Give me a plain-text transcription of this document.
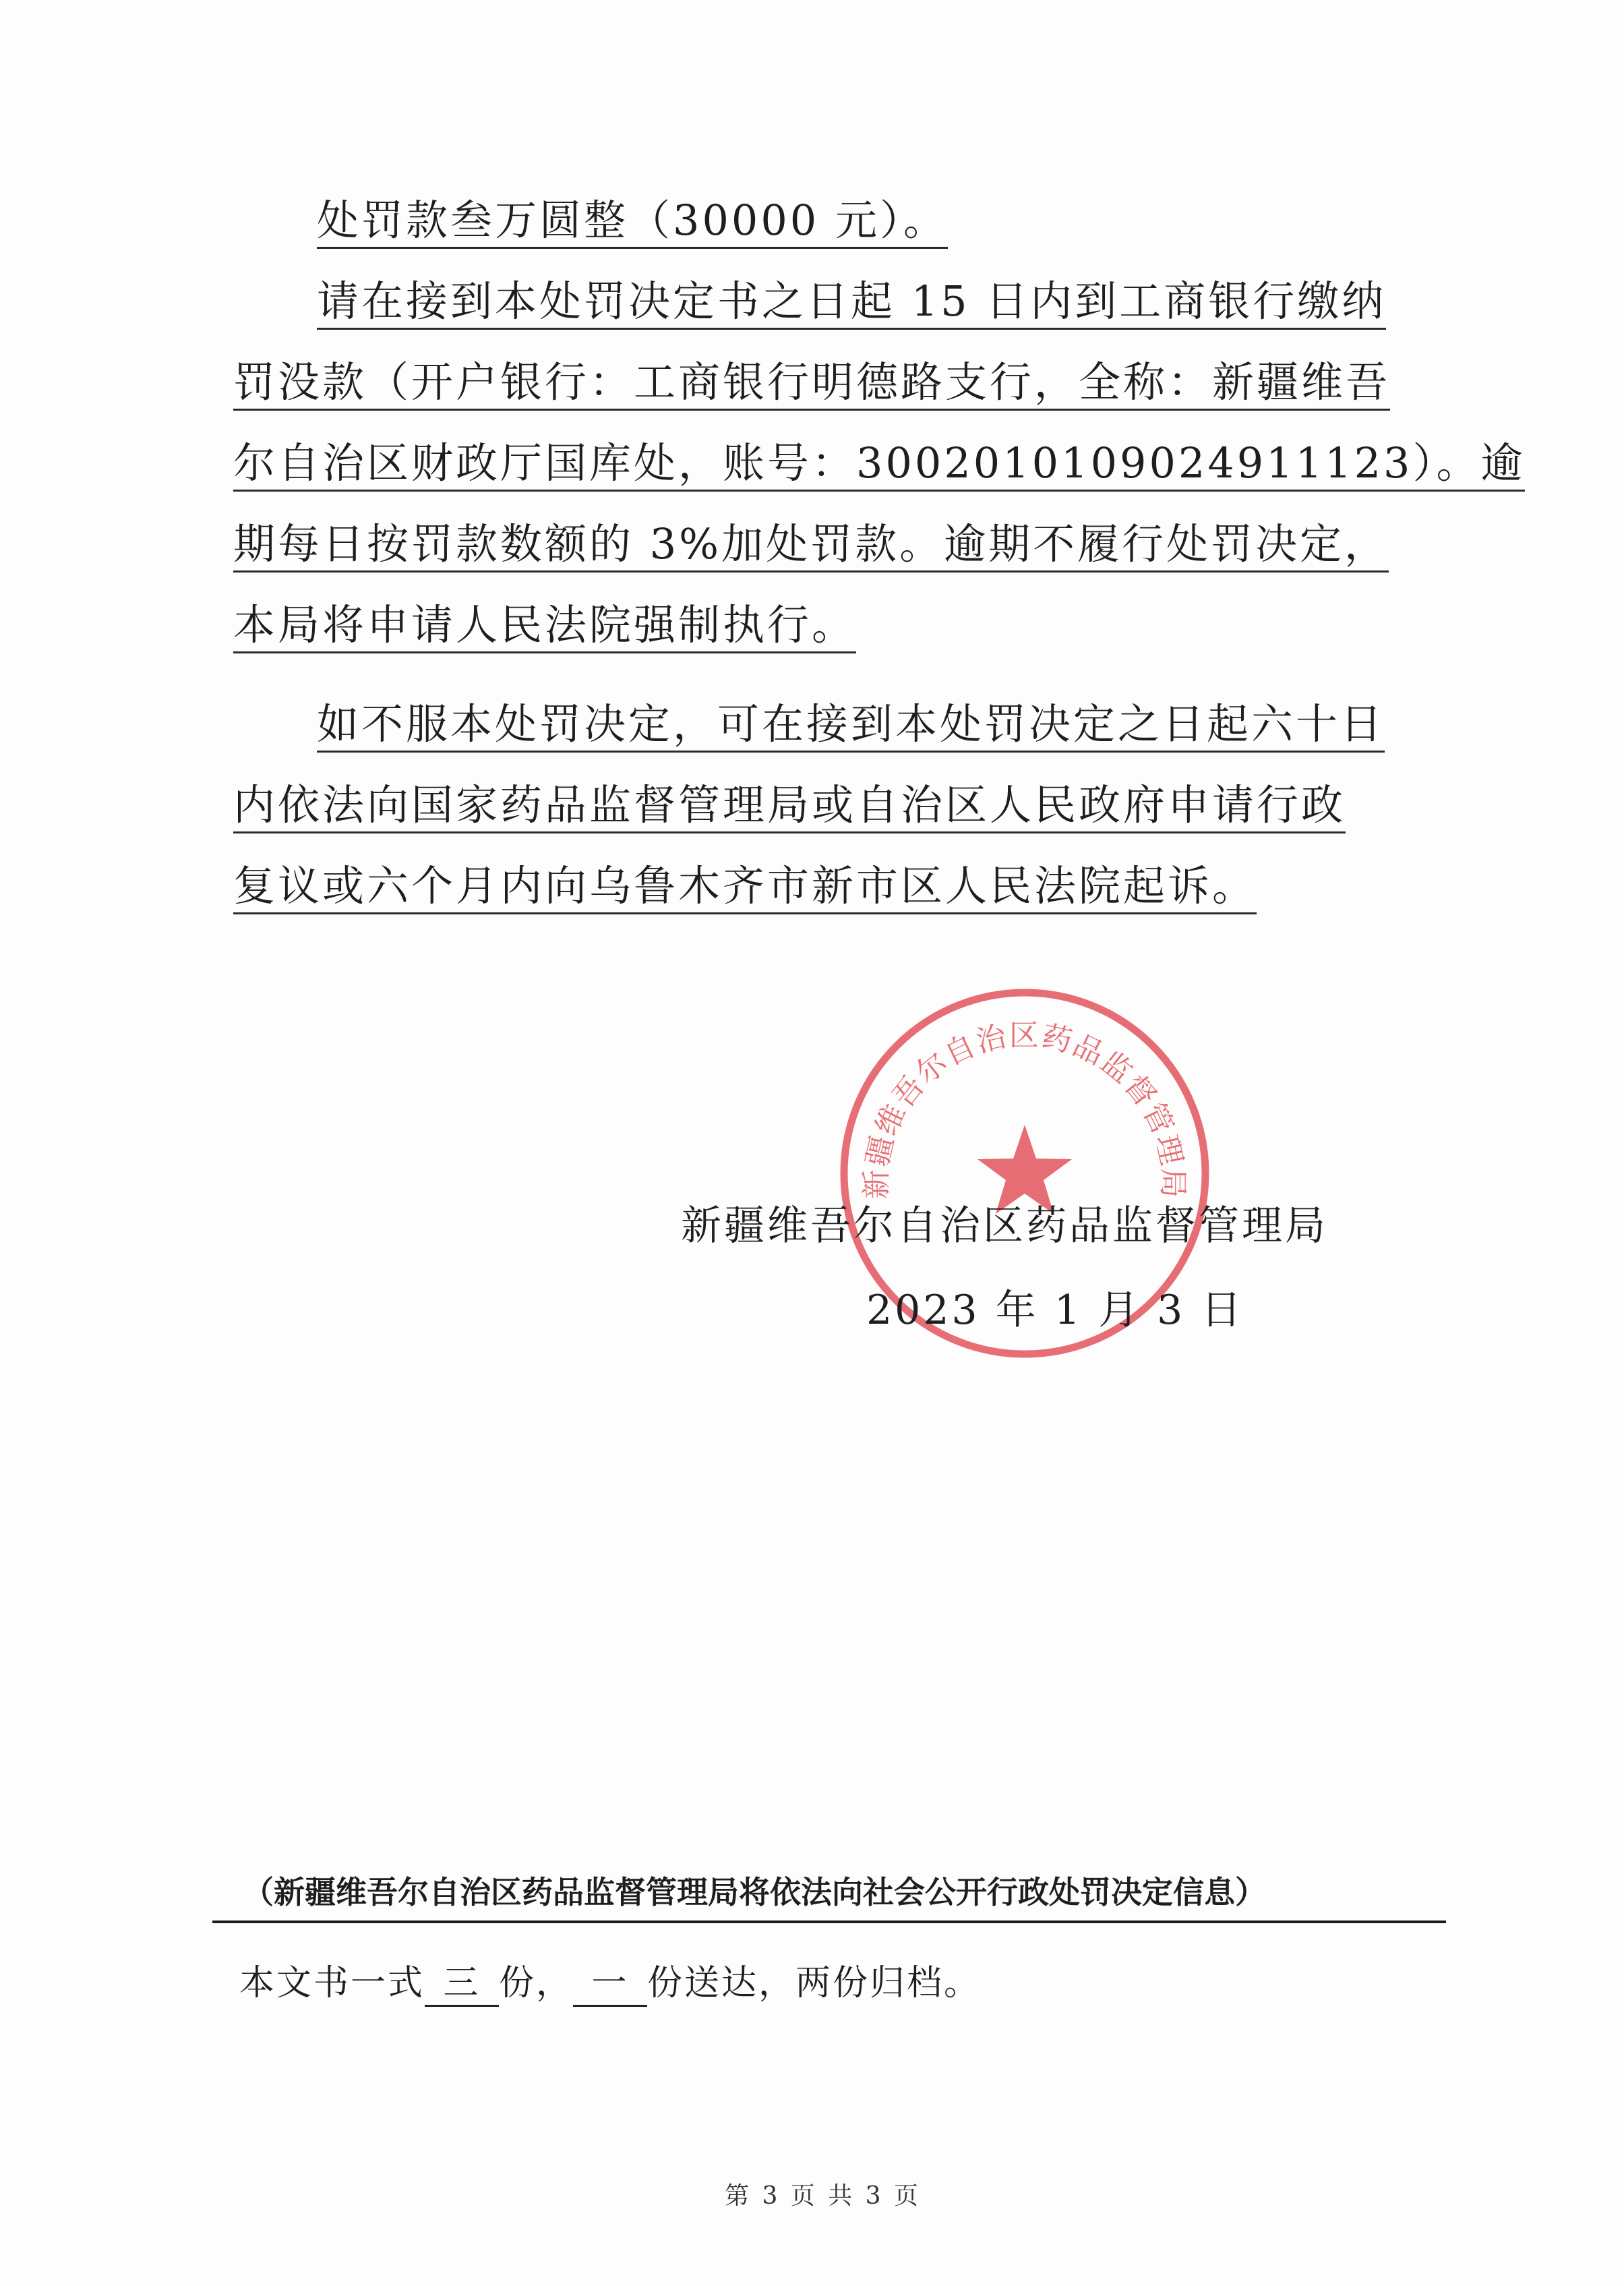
处罚款叁万圆整（30000 元）。
请在接到本处罚决定书之日起 15 日内到工商银行缴纳
罚没款（开户银行：工商银行明德路支行，全称：新疆维吾
尔自治区财政厅国库处，账号：3002010109024911123）。逾
期每日按罚款数额的 3%加处罚款。逾期不履行处罚决定，
本局将申请人民法院强制执行。
如不服本处罚决定，可在接到本处罚决定之日起六十日
内依法向国家药品监督管理局或自治区人民政府申请行政
复议或六个月内向乌鲁木齐市新市区人民法院起诉。
新疆维吾尔自治区药品监督管理局
新疆维吾尔自治区药品监督管理局
2023 年 1 月 3 日
（新疆维吾尔自治区药品监督管理局将依法向社会公开行政处罚决定信息）
本文书一式 三 份， 一 份送达，两份归档。
第 3 页 共 3 页
